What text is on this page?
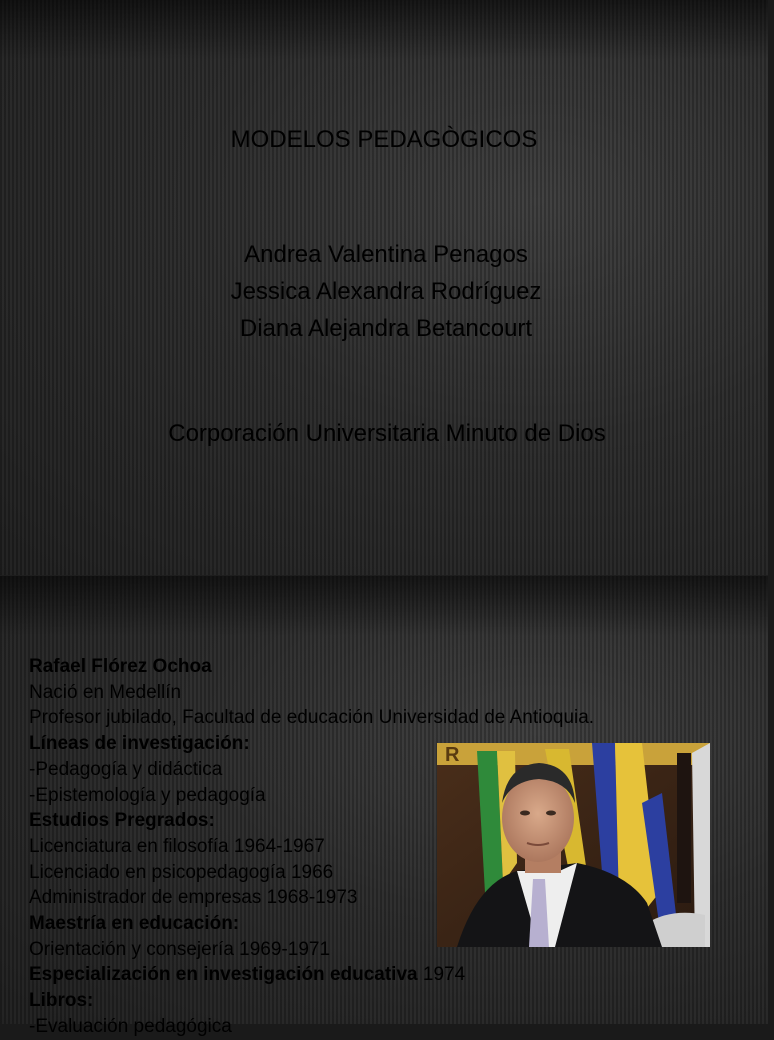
MODELOS PEDAGÒGICOS
Andrea Valentina Penagos
Jessica Alexandra Rodríguez
Diana Alejandra Betancourt
Corporación Universitaria Minuto de Dios
Rafael Flórez Ochoa
Nació en Medellín
Profesor jubilado, Facultad de educación Universidad de Antioquia.
Líneas de investigación:
-Pedagogía y didáctica
-Epistemología y pedagogía
Estudios Pregrados:
Licenciatura en filosofía 1964-1967
Licenciado en psicopedagogía 1966
Administrador de empresas 1968-1973
Maestría en educación:
Orientación y consejería 1969-1971
Especialización en investigación educativa 1974
Libros:
-Evaluación pedagógica
R
